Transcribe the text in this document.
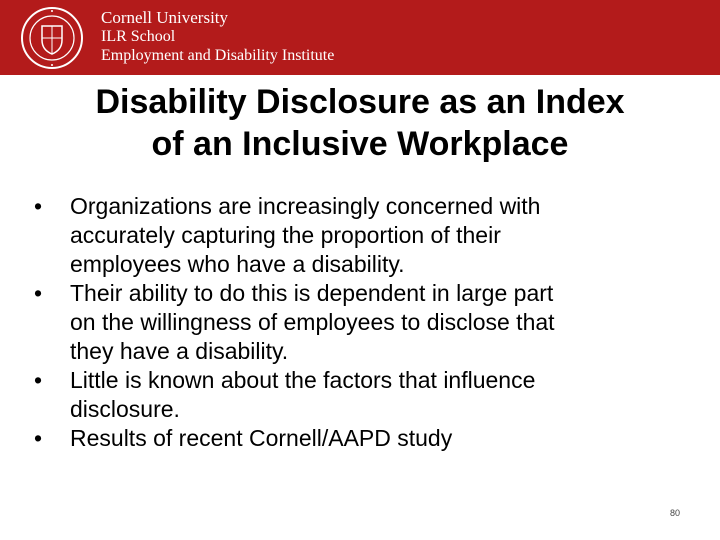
Cornell University
ILR School
Employment and Disability Institute
Disability Disclosure as an Index
of an Inclusive Workplace
• Organizations are increasingly concerned with
accurately capturing the proportion of their
employees who have a disability.
• Their ability to do this is dependent in large part
on the willingness of employees to disclose that
they have a disability.
• Little is known about the factors that influence
disclosure.
• Results of recent Cornell/AAPD study
80
